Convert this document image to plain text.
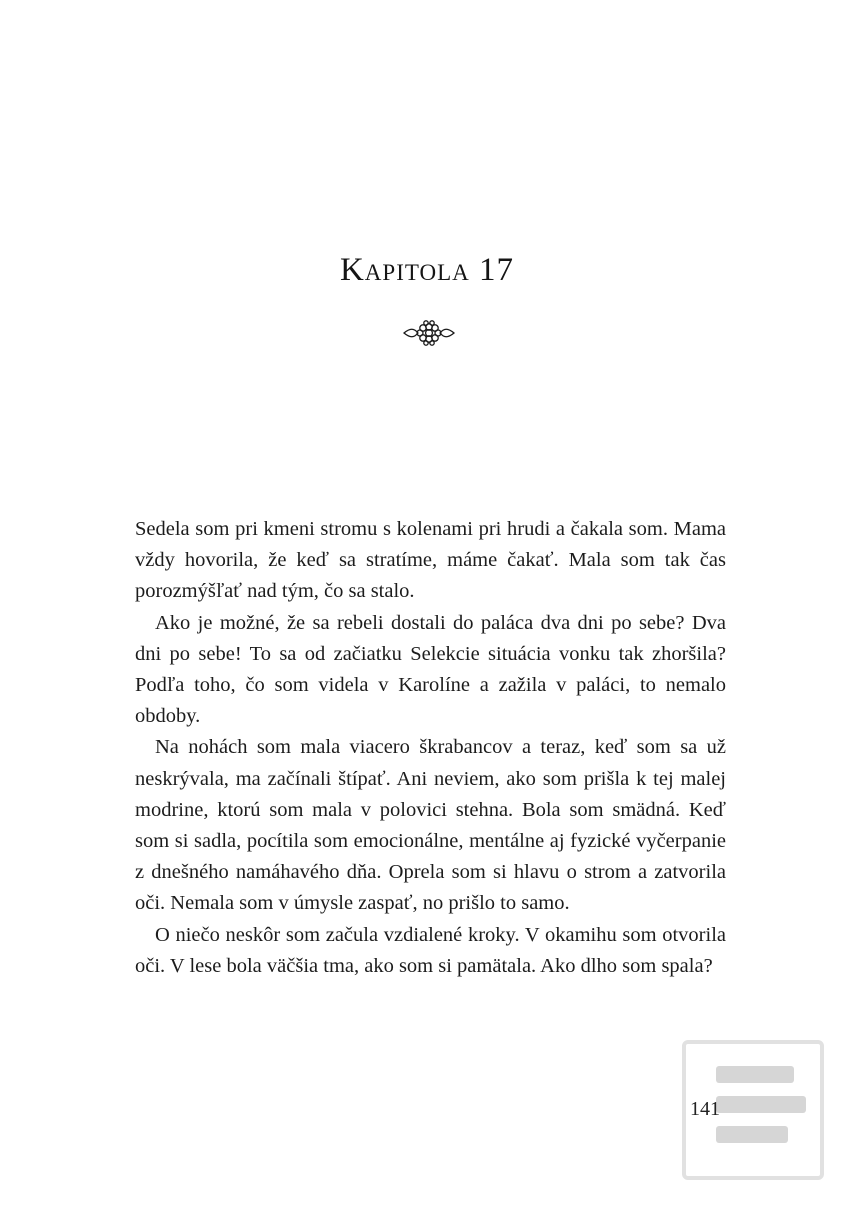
Kapitola 17

Sedela som pri kmeni stromu s kolenami pri hrudi a čakala som. Mama vždy hovorila, že keď sa stratíme, máme čakať. Mala som tak čas porozmýšľať nad tým, čo sa stalo.

Ako je možné, že sa rebeli dostali do paláca dva dni po sebe? Dva dni po sebe! To sa od začiatku Selekcie situácia vonku tak zhoršila? Podľa toho, čo som videla v Karolíne a zažila v paláci, to nemalo obdoby.

Na nohách som mala viacero škrabancov a teraz, keď som sa už neskrývala, ma začínali štípať. Ani neviem, ako som prišla k tej malej modrine, ktorú som mala v polovici stehna. Bola som smädná. Keď som si sadla, pocítila som emocionálne, mentálne aj fyzické vyčerpanie z dnešného namáhavého dňa. Oprela som si hlavu o strom a zatvorila oči. Nemala som v úmysle zaspať, no prišlo to samo.

O niečo neskôr som začula vzdialené kroky. V okamihu som otvorila oči. V lese bola väčšia tma, ako som si pamätala. Ako dlho som spala?

141
